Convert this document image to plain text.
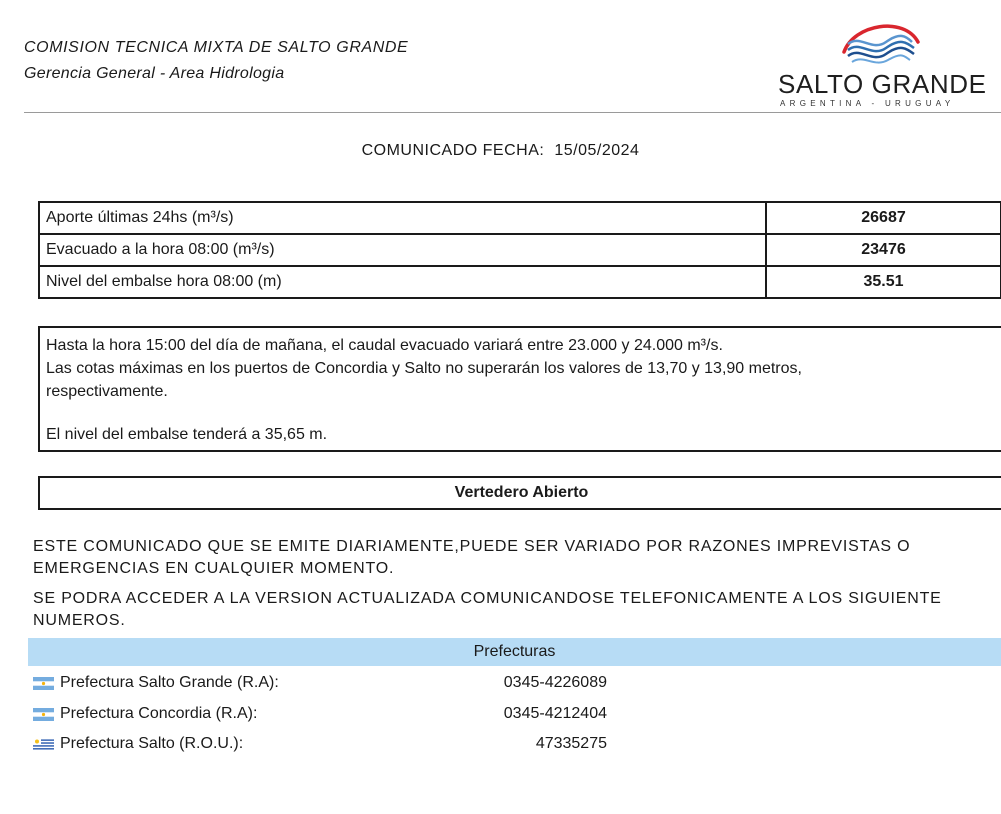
COMISION TECNICA MIXTA DE SALTO GRANDE
Gerencia General - Area Hidrologia	SALTO GRANDE
ARGENTINA - URUGUAY
COMUNICADO FECHA: 15/05/2024
Aporte últimas 24hs (m³/s)	26687
Evacuado a la hora 08:00 (m³/s)	23476
Nivel del embalse hora 08:00 (m)	35.51

Hasta la hora 15:00 del día de mañana, el caudal evacuado variará entre 23.000 y 24.000 m³/s.

Las cotas máximas en los puertos de Concordia y Salto no superarán los valores de 13,70 y 13,90 metros,

respectivamente.

El nivel del embalse tenderá a 35,65 m.

Vertedero Abierto

ESTE COMUNICADO QUE SE EMITE DIARIAMENTE,PUEDE SER VARIADO POR RAZONES IMPREVISTAS O EMERGENCIAS EN CUALQUIER MOMENTO.

SE PODRA ACCEDER A LA VERSION ACTUALIZADA COMUNICANDOSE TELEFONICAMENTE A LOS SIGUIENTE NUMEROS.

Prefecturas
Prefectura Salto Grande (R.A):	0345-4226089
Prefectura Concordia (R.A):	0345-4212404
Prefectura Salto (R.O.U.):	47335275
